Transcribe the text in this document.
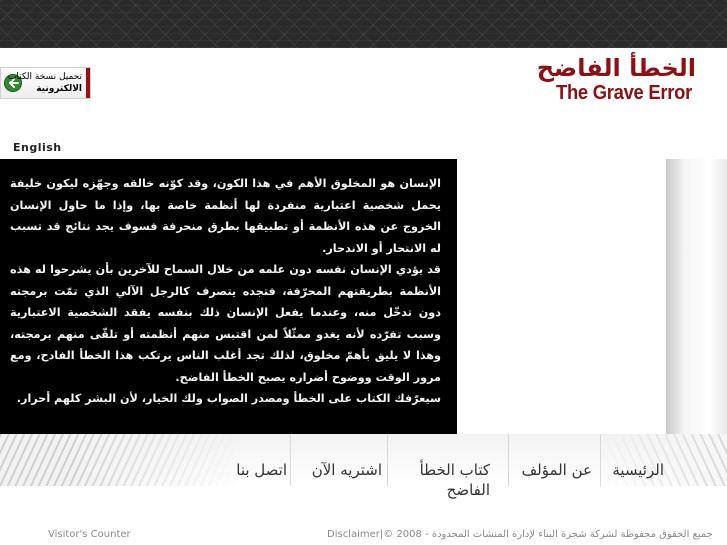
تحميل نسخة الكتاب
الالكترونية
الخطأ الفاضح
The Grave Error
English

الإنسان هو المخلوق الأهم في هذا الكون، وقد كوّنه خالقه وجهّزه ليكون خليفة يحمل شخصية اعتبارية منفردة لها أنظمة خاصة بها، وإذا ما حاول الإنسان الخروج عن هذه الأنظمة أو تطبيقها بطرق منحرفة فسوف يجد نتائج قد تسبب له الانتحار أو الاندحار.

قد يؤدي الإنسان نفسه دون علمه من خلال السماح للآخرين بأن يشرحوا له هذه الأنظمة بطريقتهم المحرّفة، فتجده يتصرف كالرجل الآلي الذي تمّت برمجته دون تدخّل منه، وعندما يفعل الإنسان ذلك بنفسه يفقد الشخصية الاعتبارية وسبب تفرّده لأنه يغدو ممثّلاً لمن اقتبس منهم أنظمته أو تلقّى منهم برمجته، وهذا لا يليق بأهمّ مخلوق، لذلك تجد أغلب الناس يرتكب هذا الخطأ الفادح، ومع مرور الوقت ووضوح أضراره يصبح الخطأ الفاضح.

سيعرّفك الكتاب على الخطأ ومصدر الصواب ولك الخيار، لأن البشر كلهم أحرار.

الرئيسية
عن المؤلف
كتاب الخطأ الفاضح
اشتريه الآن
اتصل بنا
Visitor's Counter	Disclaimer|© 2008 - جميع الحقوق محفوظة لشركة شجرة البناء لإدارة المنشآت المحدودة
